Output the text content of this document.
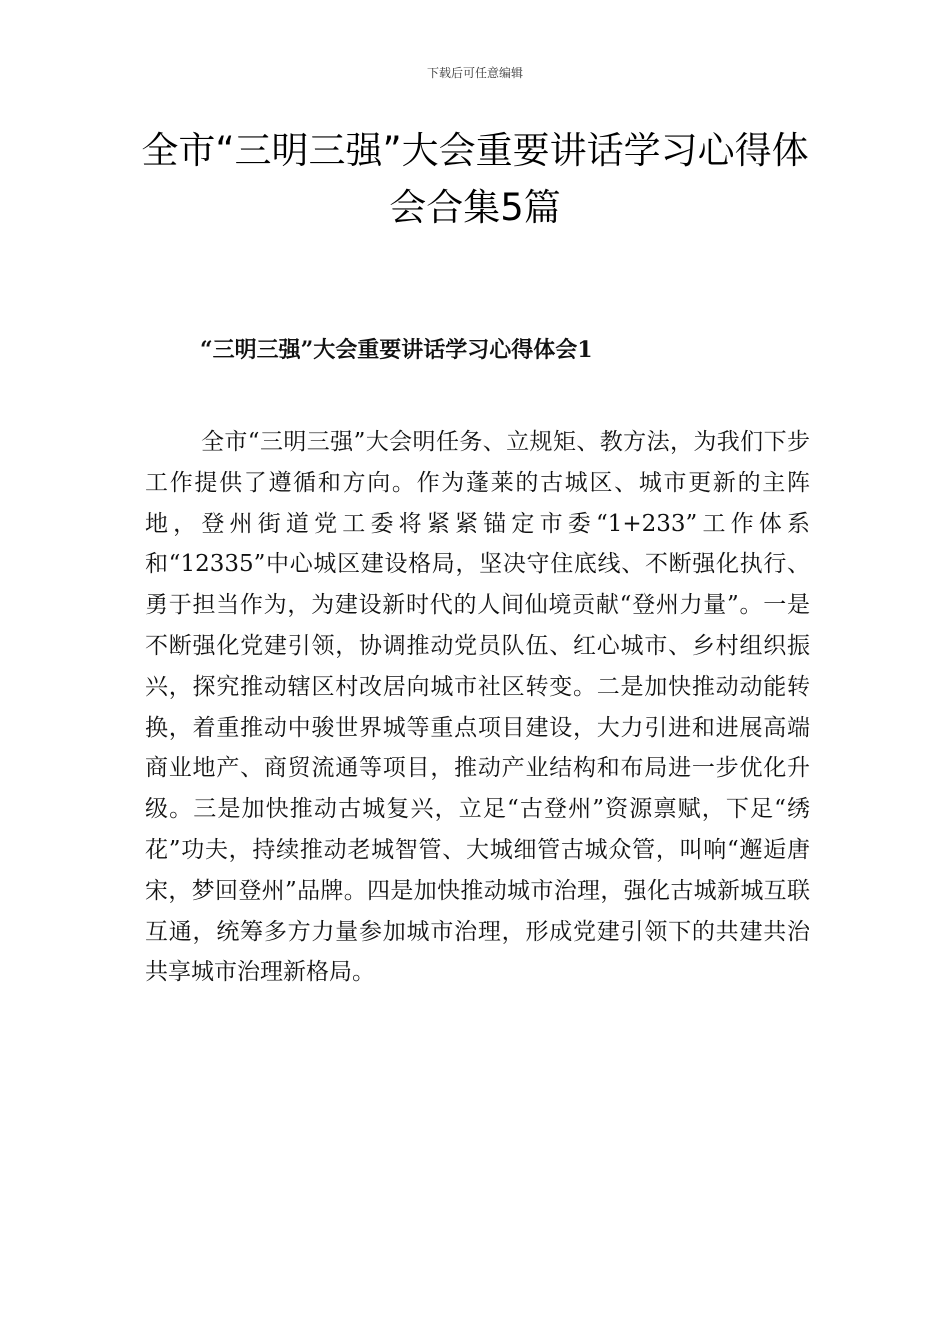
下载后可任意编辑
全市“三明三强”大会重要讲话学习心得体会合集5篇
“三明三强”大会重要讲话学习心得体会1

全市“三明三强”大会明任务、立规矩、教方法，为我们下步工作提供了遵循和方向。作为蓬莱的古城区、城市更新的主阵地，登州街道党工委将紧紧锚定市委“1+233”工作体系和“12335”中心城区建设格局，坚决守住底线、不断强化执行、勇于担当作为，为建设新时代的人间仙境贡献“登州力量”。一是不断强化党建引领，协调推动党员队伍、红心城市、乡村组织振兴，探究推动辖区村改居向城市社区转变。二是加快推动动能转换，着重推动中骏世界城等重点项目建设，大力引进和进展高端商业地产、商贸流通等项目，推动产业结构和布局进一步优化升级。三是加快推动古城复兴，立足“古登州”资源禀赋，下足“绣花”功夫，持续推动老城智管、大城细管古城众管，叫响“邂逅唐宋，梦回登州”品牌。四是加快推动城市治理，强化古城新城互联互通，统筹多方力量参加城市治理，形成党建引领下的共建共治共享城市治理新格局。
